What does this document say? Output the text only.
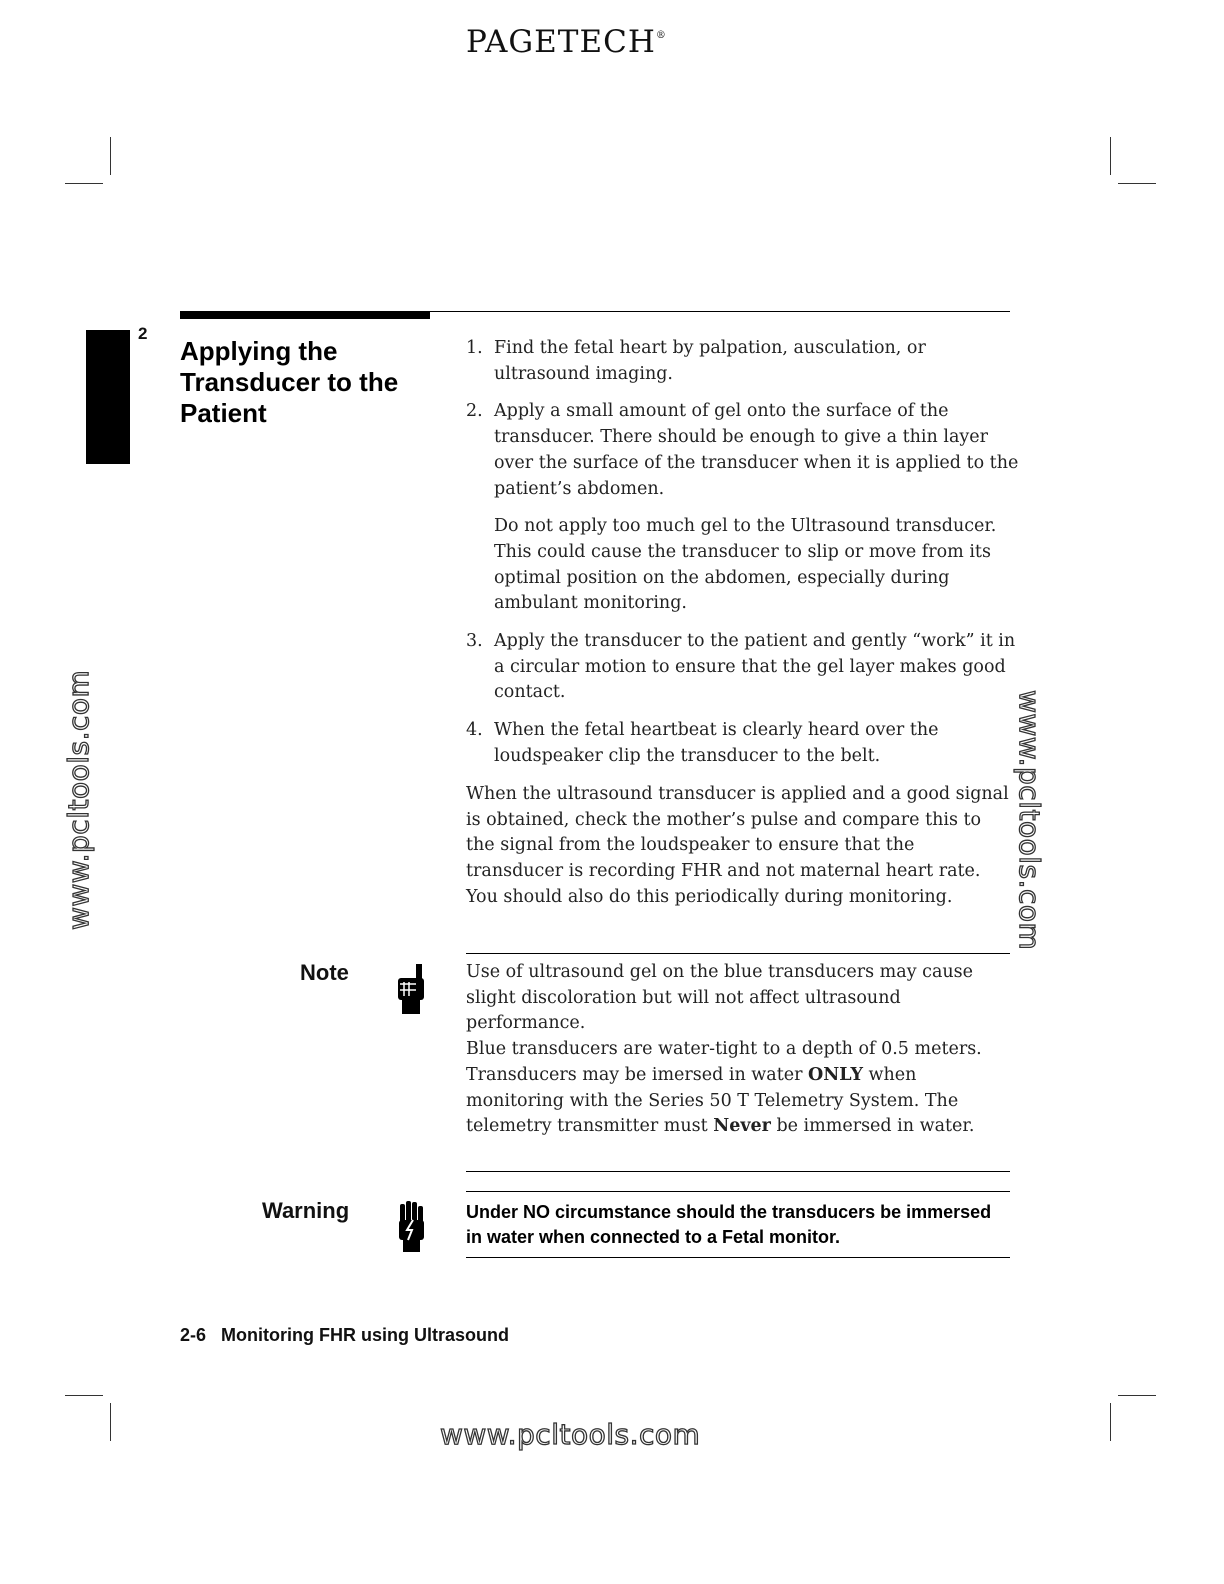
PAGETECH®
2
Applying the
Transducer to the
Patient
1. Find the fetal heart by palpation, ausculation, or ultrasound imaging.
2. Apply a small amount of gel onto the surface of the transducer. There should be enough to give a thin layer over the surface of the transducer when it is applied to the patient’s abdomen.
Do not apply too much gel to the Ultrasound transducer. This could cause the transducer to slip or move from its optimal position on the abdomen, especially during ambulant monitoring.
3. Apply the transducer to the patient and gently “work” it in a circular motion to ensure that the gel layer makes good contact.
4. When the fetal heartbeat is clearly heard over the loudspeaker clip the transducer to the belt.
When the ultrasound transducer is applied and a good signal is obtained, check the mother’s pulse and compare this to the signal from the loudspeaker to ensure that the transducer is recording FHR and not maternal heart rate. You should also do this periodically during monitoring.
Note	Use of ultrasound gel on the blue transducers may cause slight discoloration but will not affect ultrasound performance.
Blue transducers are water-tight to a depth of 0.5 meters. Transducers may be imersed in water ONLY when monitoring with the Series 50 T Telemetry System. The telemetry transmitter must Never be immersed in water.
Warning	Under NO circumstance should the transducers be immersed in water when connected to a Fetal monitor.
2-6 Monitoring FHR using Ultrasound
www.pcltools.com
www.pcltools.com	www.pcltools.com
